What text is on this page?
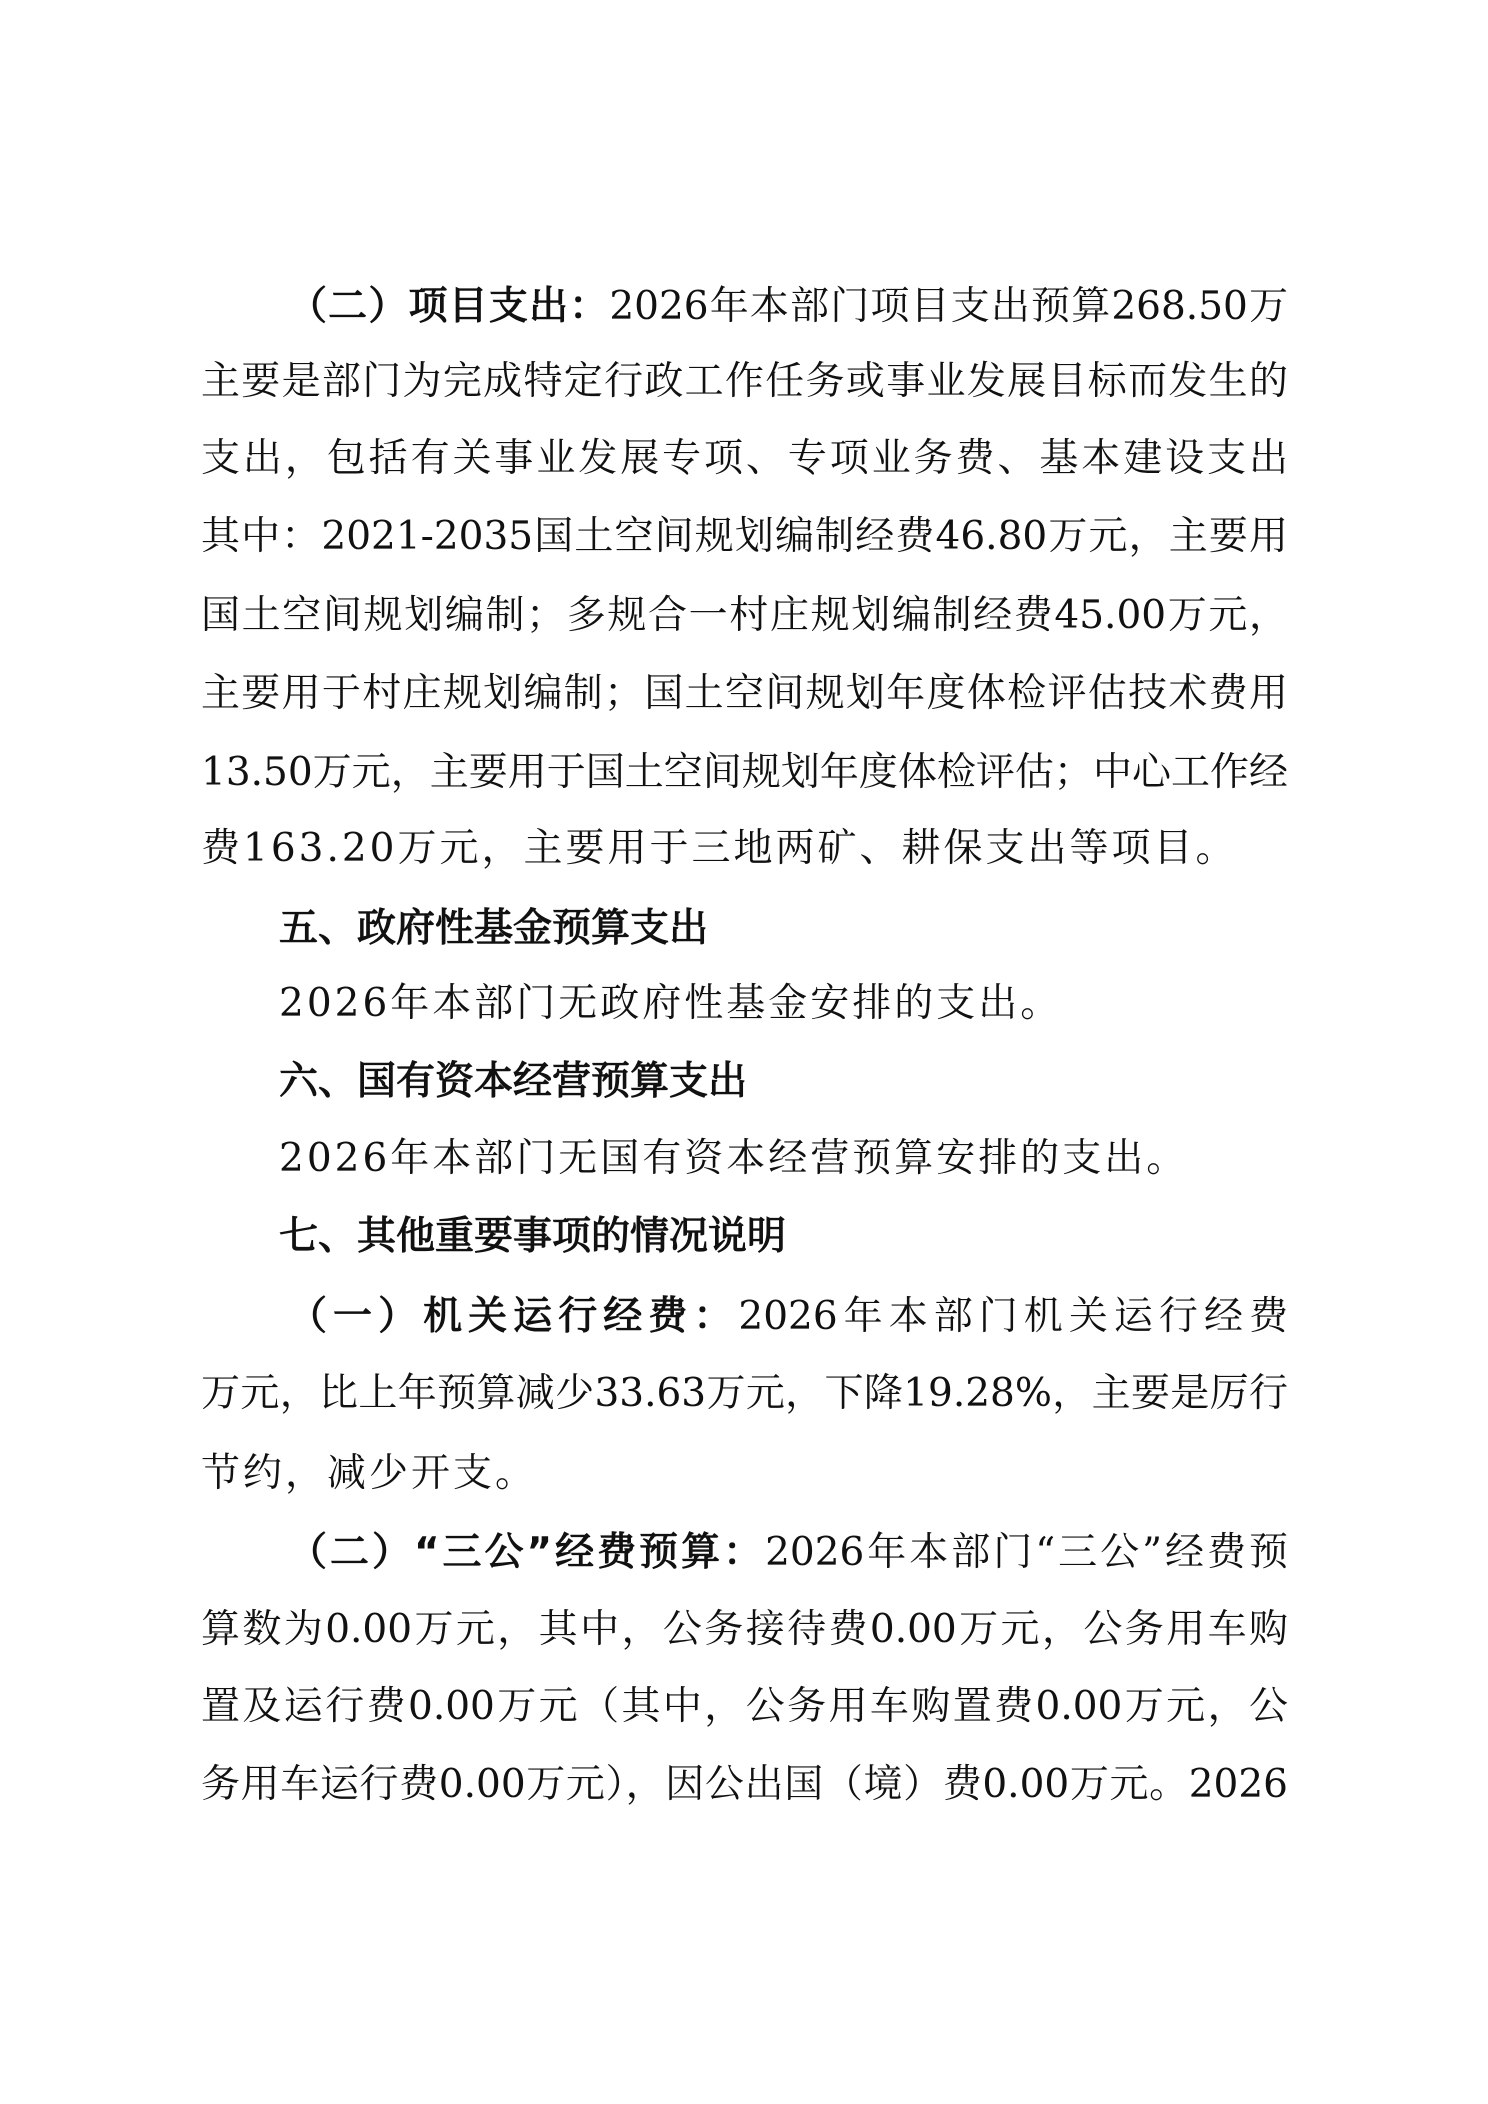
（二）项目支出：2026年本部门项目支出预算268.50万
主要是部门为完成特定行政工作任务或事业发展目标而发生的
支出，包括有关事业发展专项、专项业务费、基本建设支出
其中：2021-2035国土空间规划编制经费46.80万元，主要用
国土空间规划编制；多规合一村庄规划编制经费45.00万元，
主要用于村庄规划编制；国土空间规划年度体检评估技术费用
13.50万元，主要用于国土空间规划年度体检评估；中心工作经
费163.20万元，主要用于三地两矿、耕保支出等项目。
五、政府性基金预算支出
2026年本部门无政府性基金安排的支出。
六、国有资本经营预算支出
2026年本部门无国有资本经营预算安排的支出。
七、其他重要事项的情况说明
（一）机关运行经费：2026年本部门机关运行经费
万元，比上年预算减少33.63万元，下降19.28%，主要是厉行
节约，减少开支。
（二）“三公”经费预算：2026年本部门“三公”经费预
算数为0.00万元，其中，公务接待费0.00万元，公务用车购
置及运行费0.00万元（其中，公务用车购置费0.00万元，公
务用车运行费0.00万元），因公出国（境）费0.00万元。2026
